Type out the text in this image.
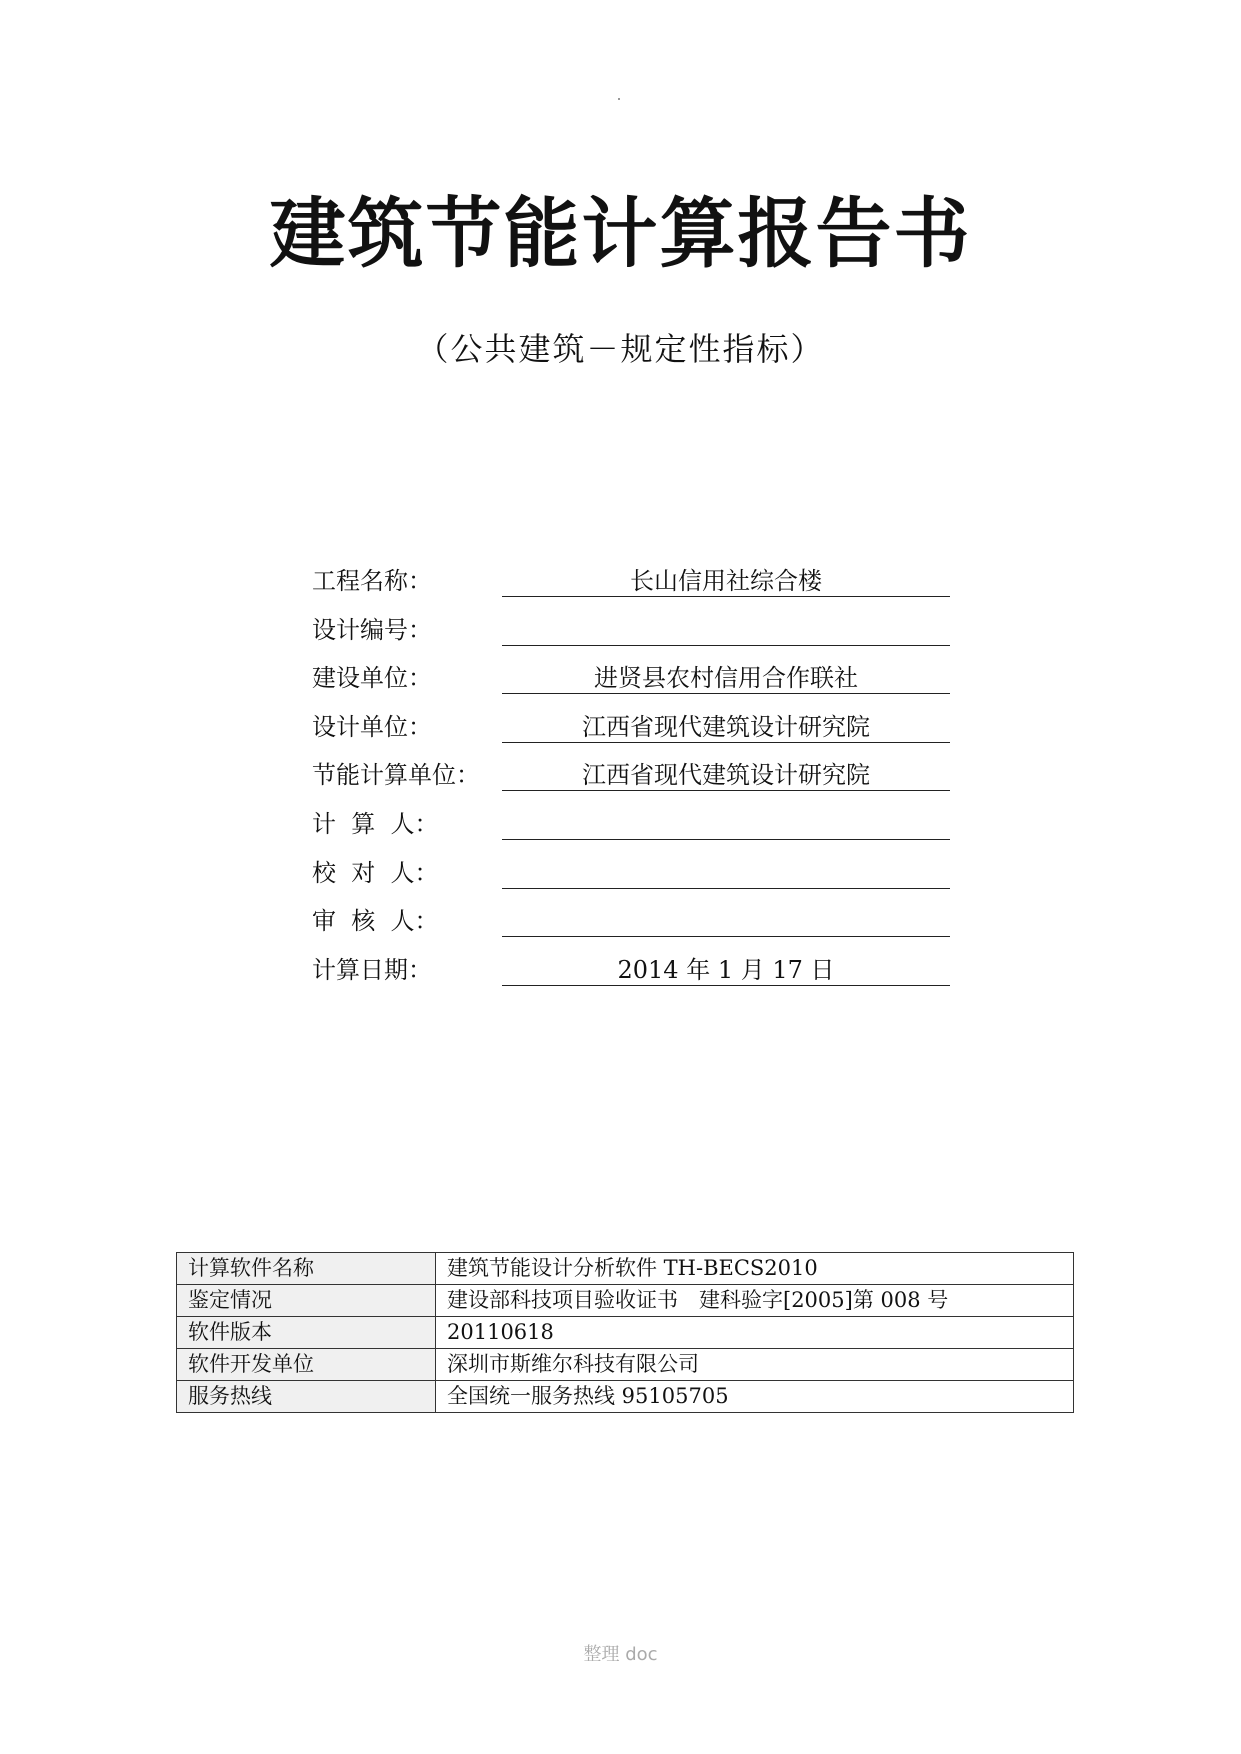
建筑节能计算报告书
（公共建筑－规定性指标）
工程名称：	长山信用社综合楼
设计编号：
建设单位：	进贤县农村信用合作联社
设计单位：	江西省现代建筑设计研究院
节能计算单位：	江西省现代建筑设计研究院
计  算  人：
校  对  人：
审  核  人：
计算日期：	2014 年 1 月 17 日
计算软件名称	建筑节能设计分析软件 TH-BECS2010
鉴定情况	建设部科技项目验收证书　建科验字[2005]第 008 号
软件版本	20110618
软件开发单位	深圳市斯维尔科技有限公司
服务热线	全国统一服务热线 95105705
整理 doc
